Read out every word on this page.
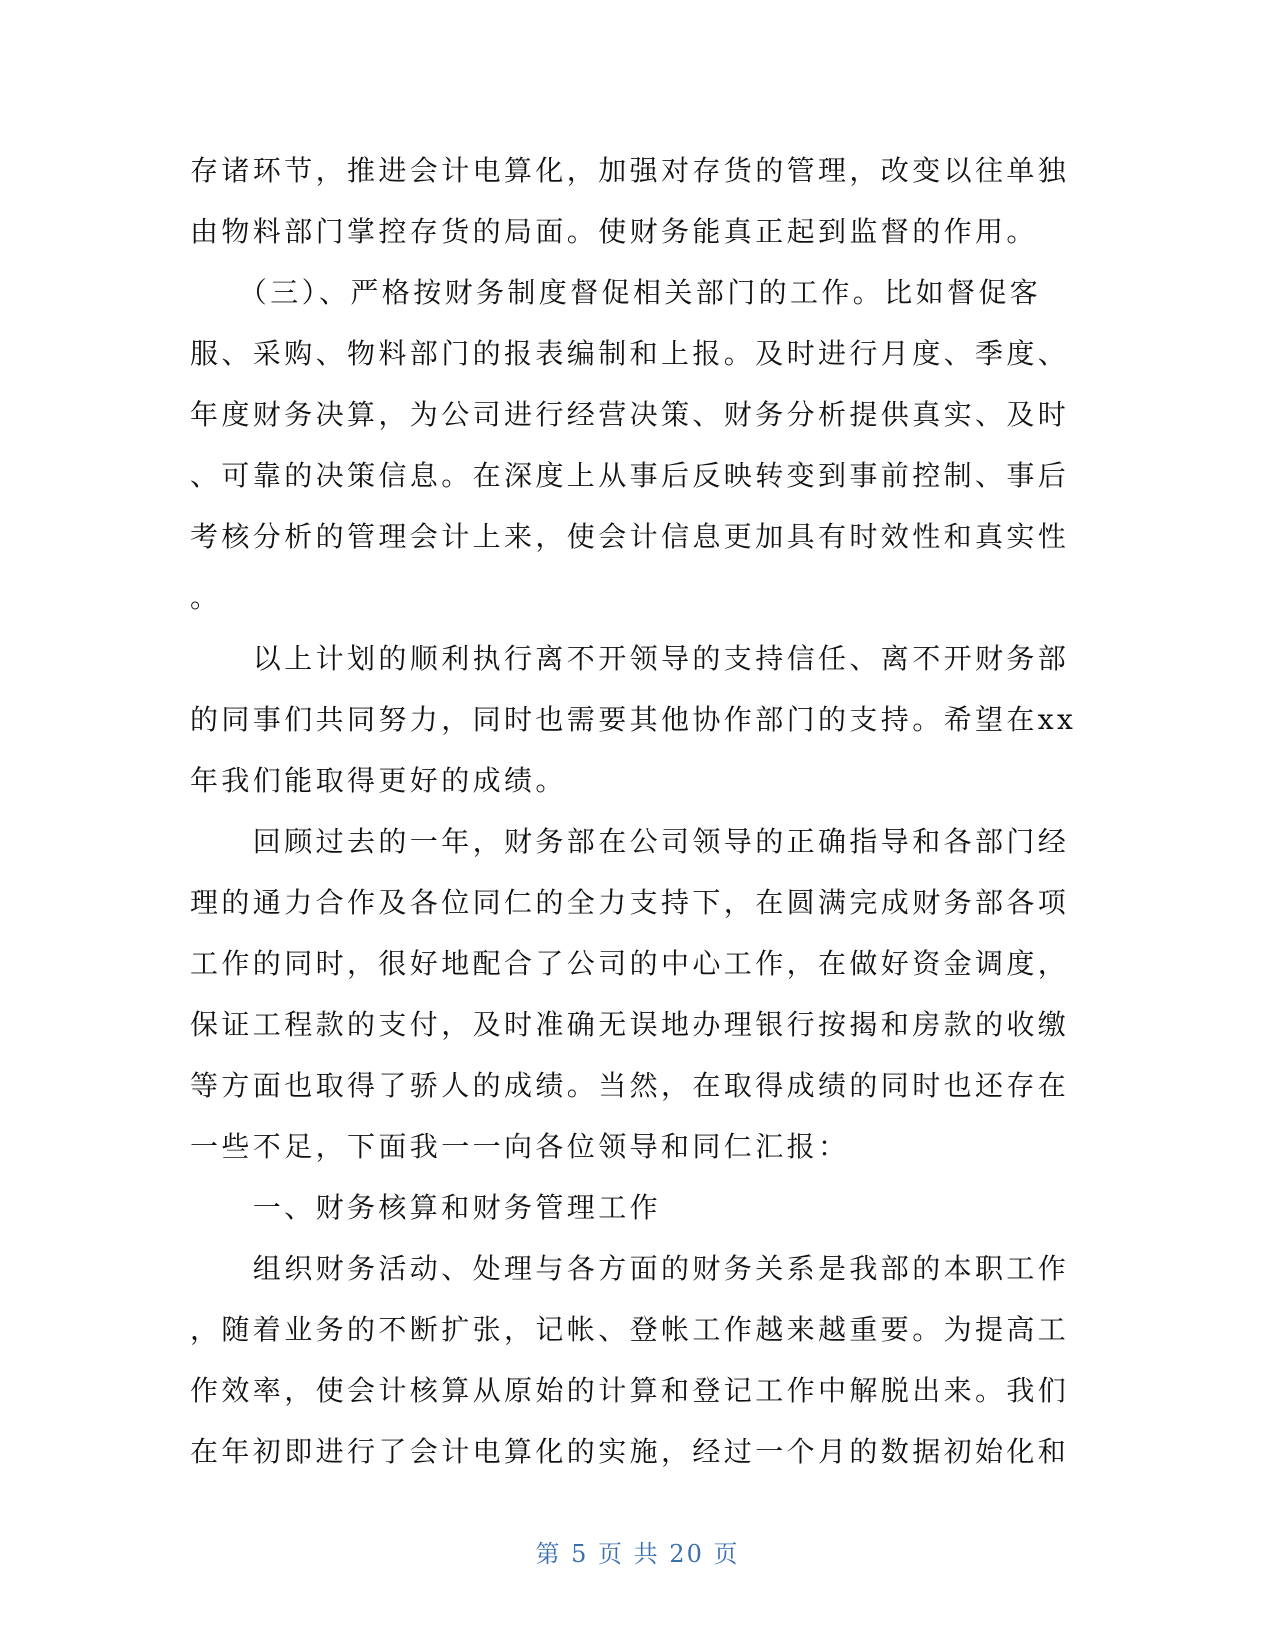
存诸环节，推进会计电算化，加强对存货的管理，改变以往单独
由物料部门掌控存货的局面。使财务能真正起到监督的作用。
　　（三）、严格按财务制度督促相关部门的工作。比如督促客
服、采购、物料部门的报表编制和上报。及时进行月度、季度、
年度财务决算，为公司进行经营决策、财务分析提供真实、及时
、可靠的决策信息。在深度上从事后反映转变到事前控制、事后
考核分析的管理会计上来，使会计信息更加具有时效性和真实性
。
　　以上计划的顺利执行离不开领导的支持信任、离不开财务部
的同事们共同努力，同时也需要其他协作部门的支持。希望在xx
年我们能取得更好的成绩。
　　回顾过去的一年，财务部在公司领导的正确指导和各部门经
理的通力合作及各位同仁的全力支持下，在圆满完成财务部各项
工作的同时，很好地配合了公司的中心工作，在做好资金调度，
保证工程款的支付，及时准确无误地办理银行按揭和房款的收缴
等方面也取得了骄人的成绩。当然，在取得成绩的同时也还存在
一些不足，下面我一一向各位领导和同仁汇报：
　　一、财务核算和财务管理工作
　　组织财务活动、处理与各方面的财务关系是我部的本职工作
，随着业务的不断扩张，记帐、登帐工作越来越重要。为提高工
作效率，使会计核算从原始的计算和登记工作中解脱出来。我们
在年初即进行了会计电算化的实施，经过一个月的数据初始化和
第 5 页 共 20 页
